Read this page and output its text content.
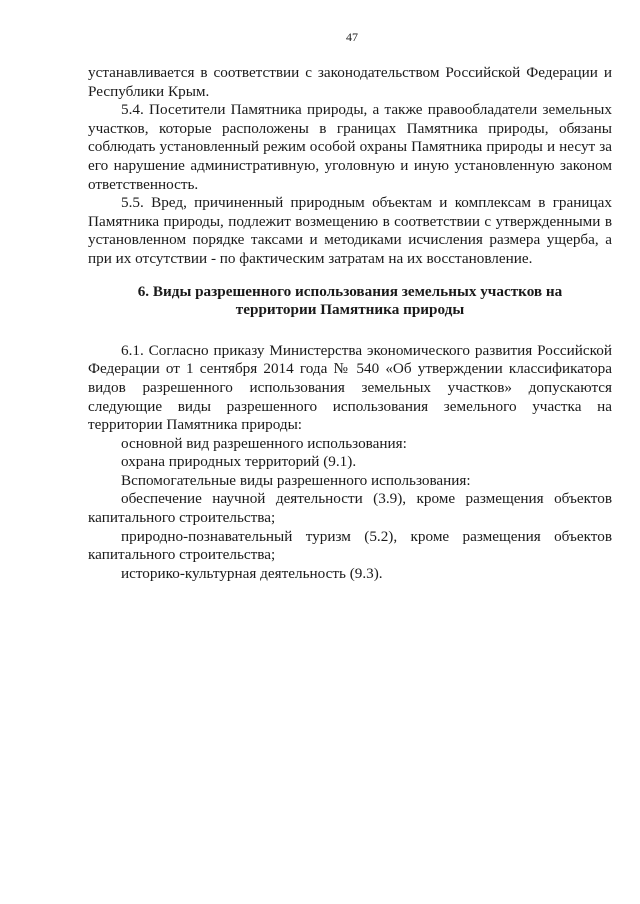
47

устанавливается в соответствии с законодательством Российской Федерации и Республики Крым.

5.4. Посетители Памятника природы, а также правообладатели земельных участков, которые расположены в границах Памятника природы, обязаны соблюдать установленный режим особой охраны Памятника природы и несут за его нарушение административную, уголовную и иную установленную законом ответственность.

5.5. Вред, причиненный природным объектам и комплексам в границах Памятника природы, подлежит возмещению в соответствии с утвержденными в установленном порядке таксами и методиками исчисления размера ущерба, а при их отсутствии - по фактическим затратам на их восстановление.

6. Виды разрешенного использования земельных участков на территории Памятника природы

6.1. Согласно приказу Министерства экономического развития Российской Федерации от 1 сентября 2014 года № 540 «Об утверждении классификатора видов разрешенного использования земельных участков» допускаются следующие виды разрешенного использования земельного участка на территории Памятника природы:

основной вид разрешенного использования:

охрана природных территорий (9.1).

Вспомогательные виды разрешенного использования:

обеспечение научной деятельности (3.9), кроме размещения объектов капитального строительства;

природно-познавательный туризм (5.2), кроме размещения объектов капитального строительства;

историко-культурная деятельность (9.3).
